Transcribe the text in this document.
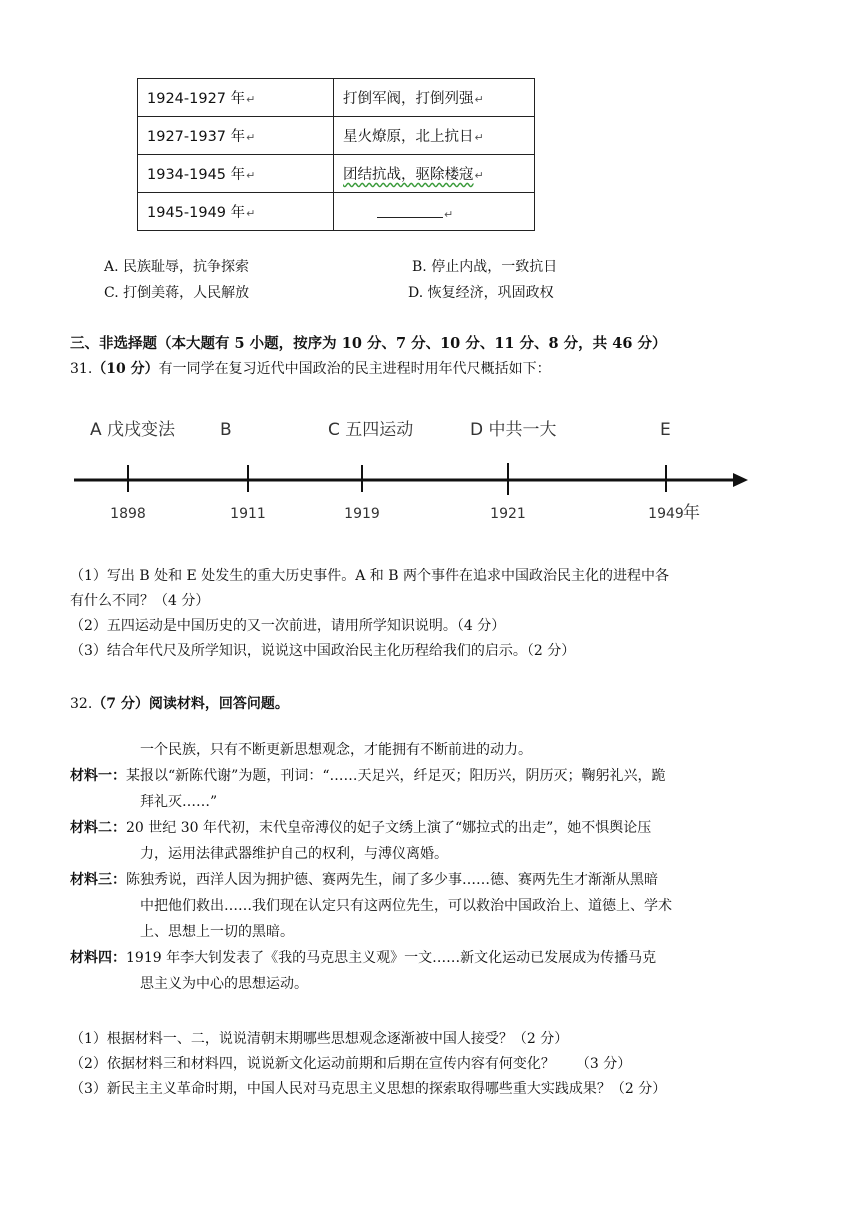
1924-1927 年↵	打倒军阀，打倒列强↵
1927-1937 年↵	星火燎原，北上抗日↵
1934-1945 年↵	团结抗战，驱除楼寇↵
1945-1949 年↵	↵
A. 民族耻辱，抗争探索	B. 停止内战，一致抗日
C. 打倒美蒋，人民解放	D. 恢复经济，巩固政权
三、非选择题（本大题有 5 小题，按序为 10 分、7 分、10 分、11 分、8 分，共 46 分）
31.（10 分）有一同学在复习近代中国政治的民主进程时用年代尺概括如下：
A 戊戌变法
1898
B
1911
C 五四运动
1919
D 中共一大
1921
E
1949 年
（1）写出 B 处和 E 处发生的重大历史事件。A 和 B 两个事件在追求中国政治民主化的进程中各
有什么不同？（4 分）
（2）五四运动是中国历史的又一次前进，请用所学知识说明。（4 分）
（3）结合年代尺及所学知识，说说这中国政治民主化历程给我们的启示。（2 分）
32.（7 分）阅读材料，回答问题。
一个民族，只有不断更新思想观念，才能拥有不断前进的动力。
材料一：某报以“新陈代谢”为题，刊词：“……天足兴，纤足灭；阳历兴，阴历灭；鞠躬礼兴，跪
拜礼灭……”
材料二：20 世纪 30 年代初，末代皇帝溥仪的妃子文绣上演了“娜拉式的出走”，她不惧舆论压
力，运用法律武器维护自己的权利，与溥仪离婚。
材料三：陈独秀说，西洋人因为拥护德、赛两先生，闹了多少事……德、赛两先生才渐渐从黑暗
中把他们救出……我们现在认定只有这两位先生，可以救治中国政治上、道德上、学术
上、思想上一切的黑暗。
材料四：1919 年李大钊发表了《我的马克思主义观》一文……新文化运动已发展成为传播马克
思主义为中心的思想运动。
（1）根据材料一、二，说说清朝末期哪些思想观念逐渐被中国人接受？（2 分）
（2）依据材料三和材料四，说说新文化运动前期和后期在宣传内容有何变化？　　（3 分）
（3）新民主主义革命时期，中国人民对马克思主义思想的探索取得哪些重大实践成果？（2 分）
